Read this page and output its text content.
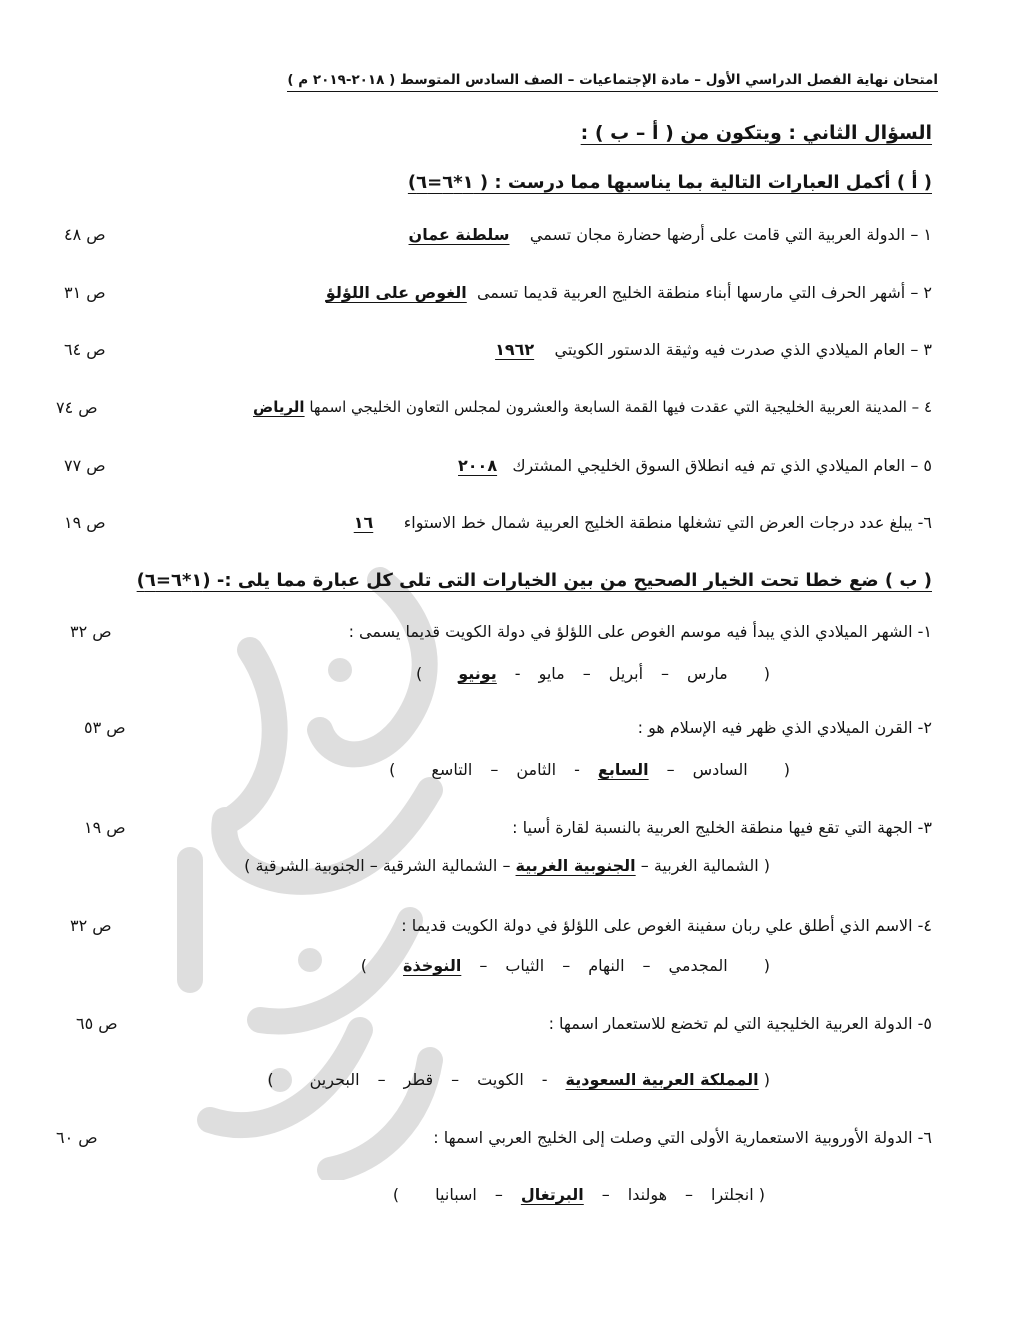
امتحان نهاية الفصل الدراسي الأول – مادة الإجتماعيات – الصف السادس المتوسط ( ٢٠١٨-٢٠١٩ م )
السؤال الثاني : ويتكون من ( أ – ب ) :
( أ ) أكمل العبارات التالية بما يناسبها مما درست : ( ١*٦=٦)
١ – الدولة العربية التي قامت على أرضها حضارة مجان تسمي    سلطنة عمان
ص ٤٨
٢ – أشهر الحرف التي مارسها أبناء منطقة الخليج العربية قديما تسمى  الغوص على اللؤلؤ
ص ٣١
٣ – العام الميلادي الذي صدرت فيه وثيقة الدستور الكويتي    ١٩٦٢
ص ٦٤
٤ – المدينة العربية الخليجية التي عقدت فيها القمة السابعة والعشرون لمجلس التعاون الخليجي اسمها الرياض
ص ٧٤
٥ – العام الميلادي الذي تم فيه انطلاق السوق الخليجي المشترك   ٢٠٠٨
ص ٧٧
٦- يبلغ عدد درجات العرض التي تشغلها منطقة الخليج العربية شمال خط الاستواء      ١٦
ص ١٩
( ب ) ضع خطا تحت الخيار الصحيح من بين الخيارات التى تلى كل عبارة مما يلى :- (١*٦=٦)
١- الشهر الميلادي الذي يبدأ فيه موسم الغوص على اللؤلؤ في دولة الكويت قديما يسمى :
ص ٣٢
(
مارس
–
أبريل
–
مايو
-
يونيو
)
٢- القرن الميلادي الذي ظهر فيه الإسلام هو :
ص ٥٣
(
السادس
–
السابع
-
الثامن
–
التاسع
)
٣- الجهة التي تقع فيها منطقة الخليج العربية بالنسبة لقارة أسيا :
ص ١٩
(

الشمالية الغربية
–
الجنوبية الغربية
–
الشمالية الشرقية
–
الجنوبية الشرقية

)
٤- الاسم الذي أطلق علي ربان سفينة الغوص على اللؤلؤ في دولة الكويت قديما :
ص ٣٢
(
المجدمي
–
النهام
–
الثياب
–
النوخذة
)
٥- الدولة العربية الخليجية التي لم تخضع للاستعمار اسمها :
ص ٦٥
(

المملكة العربية السعودية
-
الكويت
–
قطر
–
البحرين
)
٦- الدولة الأوروبية الاستعمارية الأولى التي وصلت إلى الخليج العربي اسمها :
ص ٦٠
(

انجلترا
–
هولندا
–
البرتغال
–
اسبانيا
)
